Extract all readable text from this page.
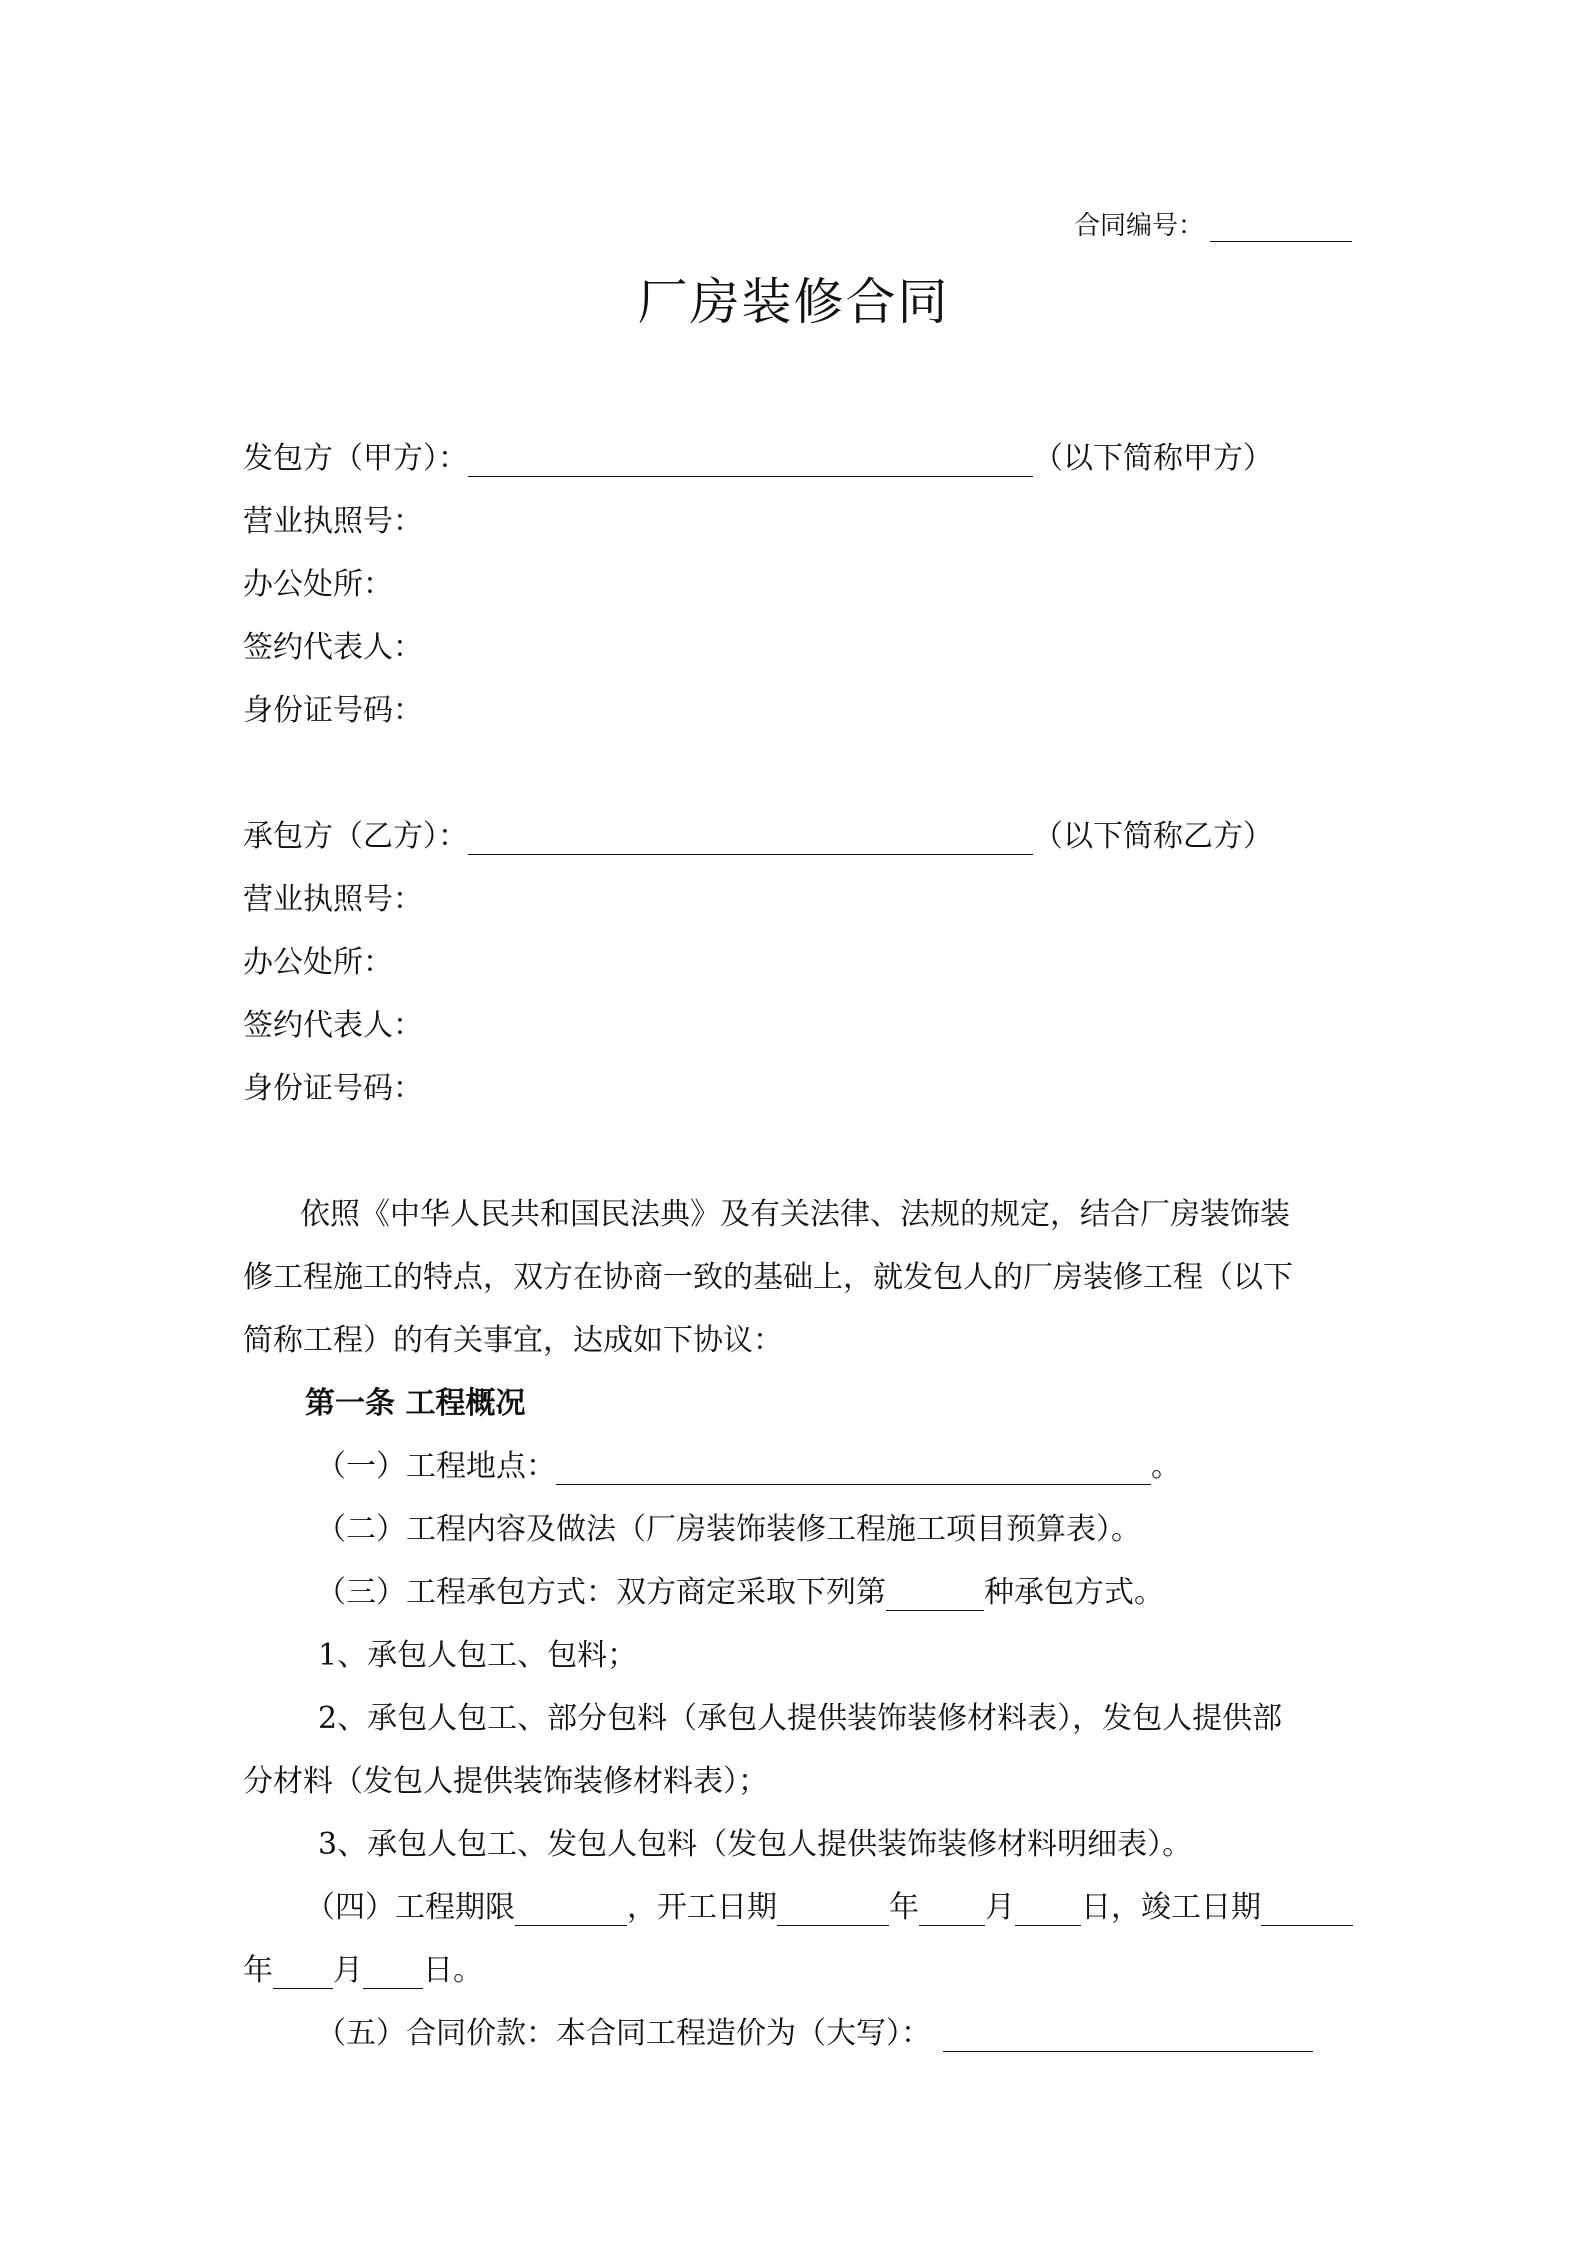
合同编号：
厂房装修合同
发包方（甲方）：	（以下简称甲方）
营业执照号：
办公处所：
签约代表人：
身份证号码：
承包方（乙方）：	（以下简称乙方）
营业执照号：
办公处所：
签约代表人：
身份证号码：
依照《中华人民共和国民法典》及有关法律、法规的规定，结合厂房装饰装
修工程施工的特点，双方在协商一致的基础上，就发包人的厂房装修工程（以下
简称工程）的有关事宜，达成如下协议：
第一条 工程概况
（一）工程地点：	。
（二）工程内容及做法（厂房装饰装修工程施工项目预算表）。
（三）工程承包方式：双方商定采取下列第	种承包方式。
1、承包人包工、包料；
2、承包人包工、部分包料（承包人提供装饰装修材料表），发包人提供部
分材料（发包人提供装饰装修材料表）；
3、承包人包工、发包人包料（发包人提供装饰装修材料明细表）。
（四）工程期限	，开工日期	年 月 日，竣工日期
年 月 日。
（五）合同价款：本合同工程造价为（大写）：
